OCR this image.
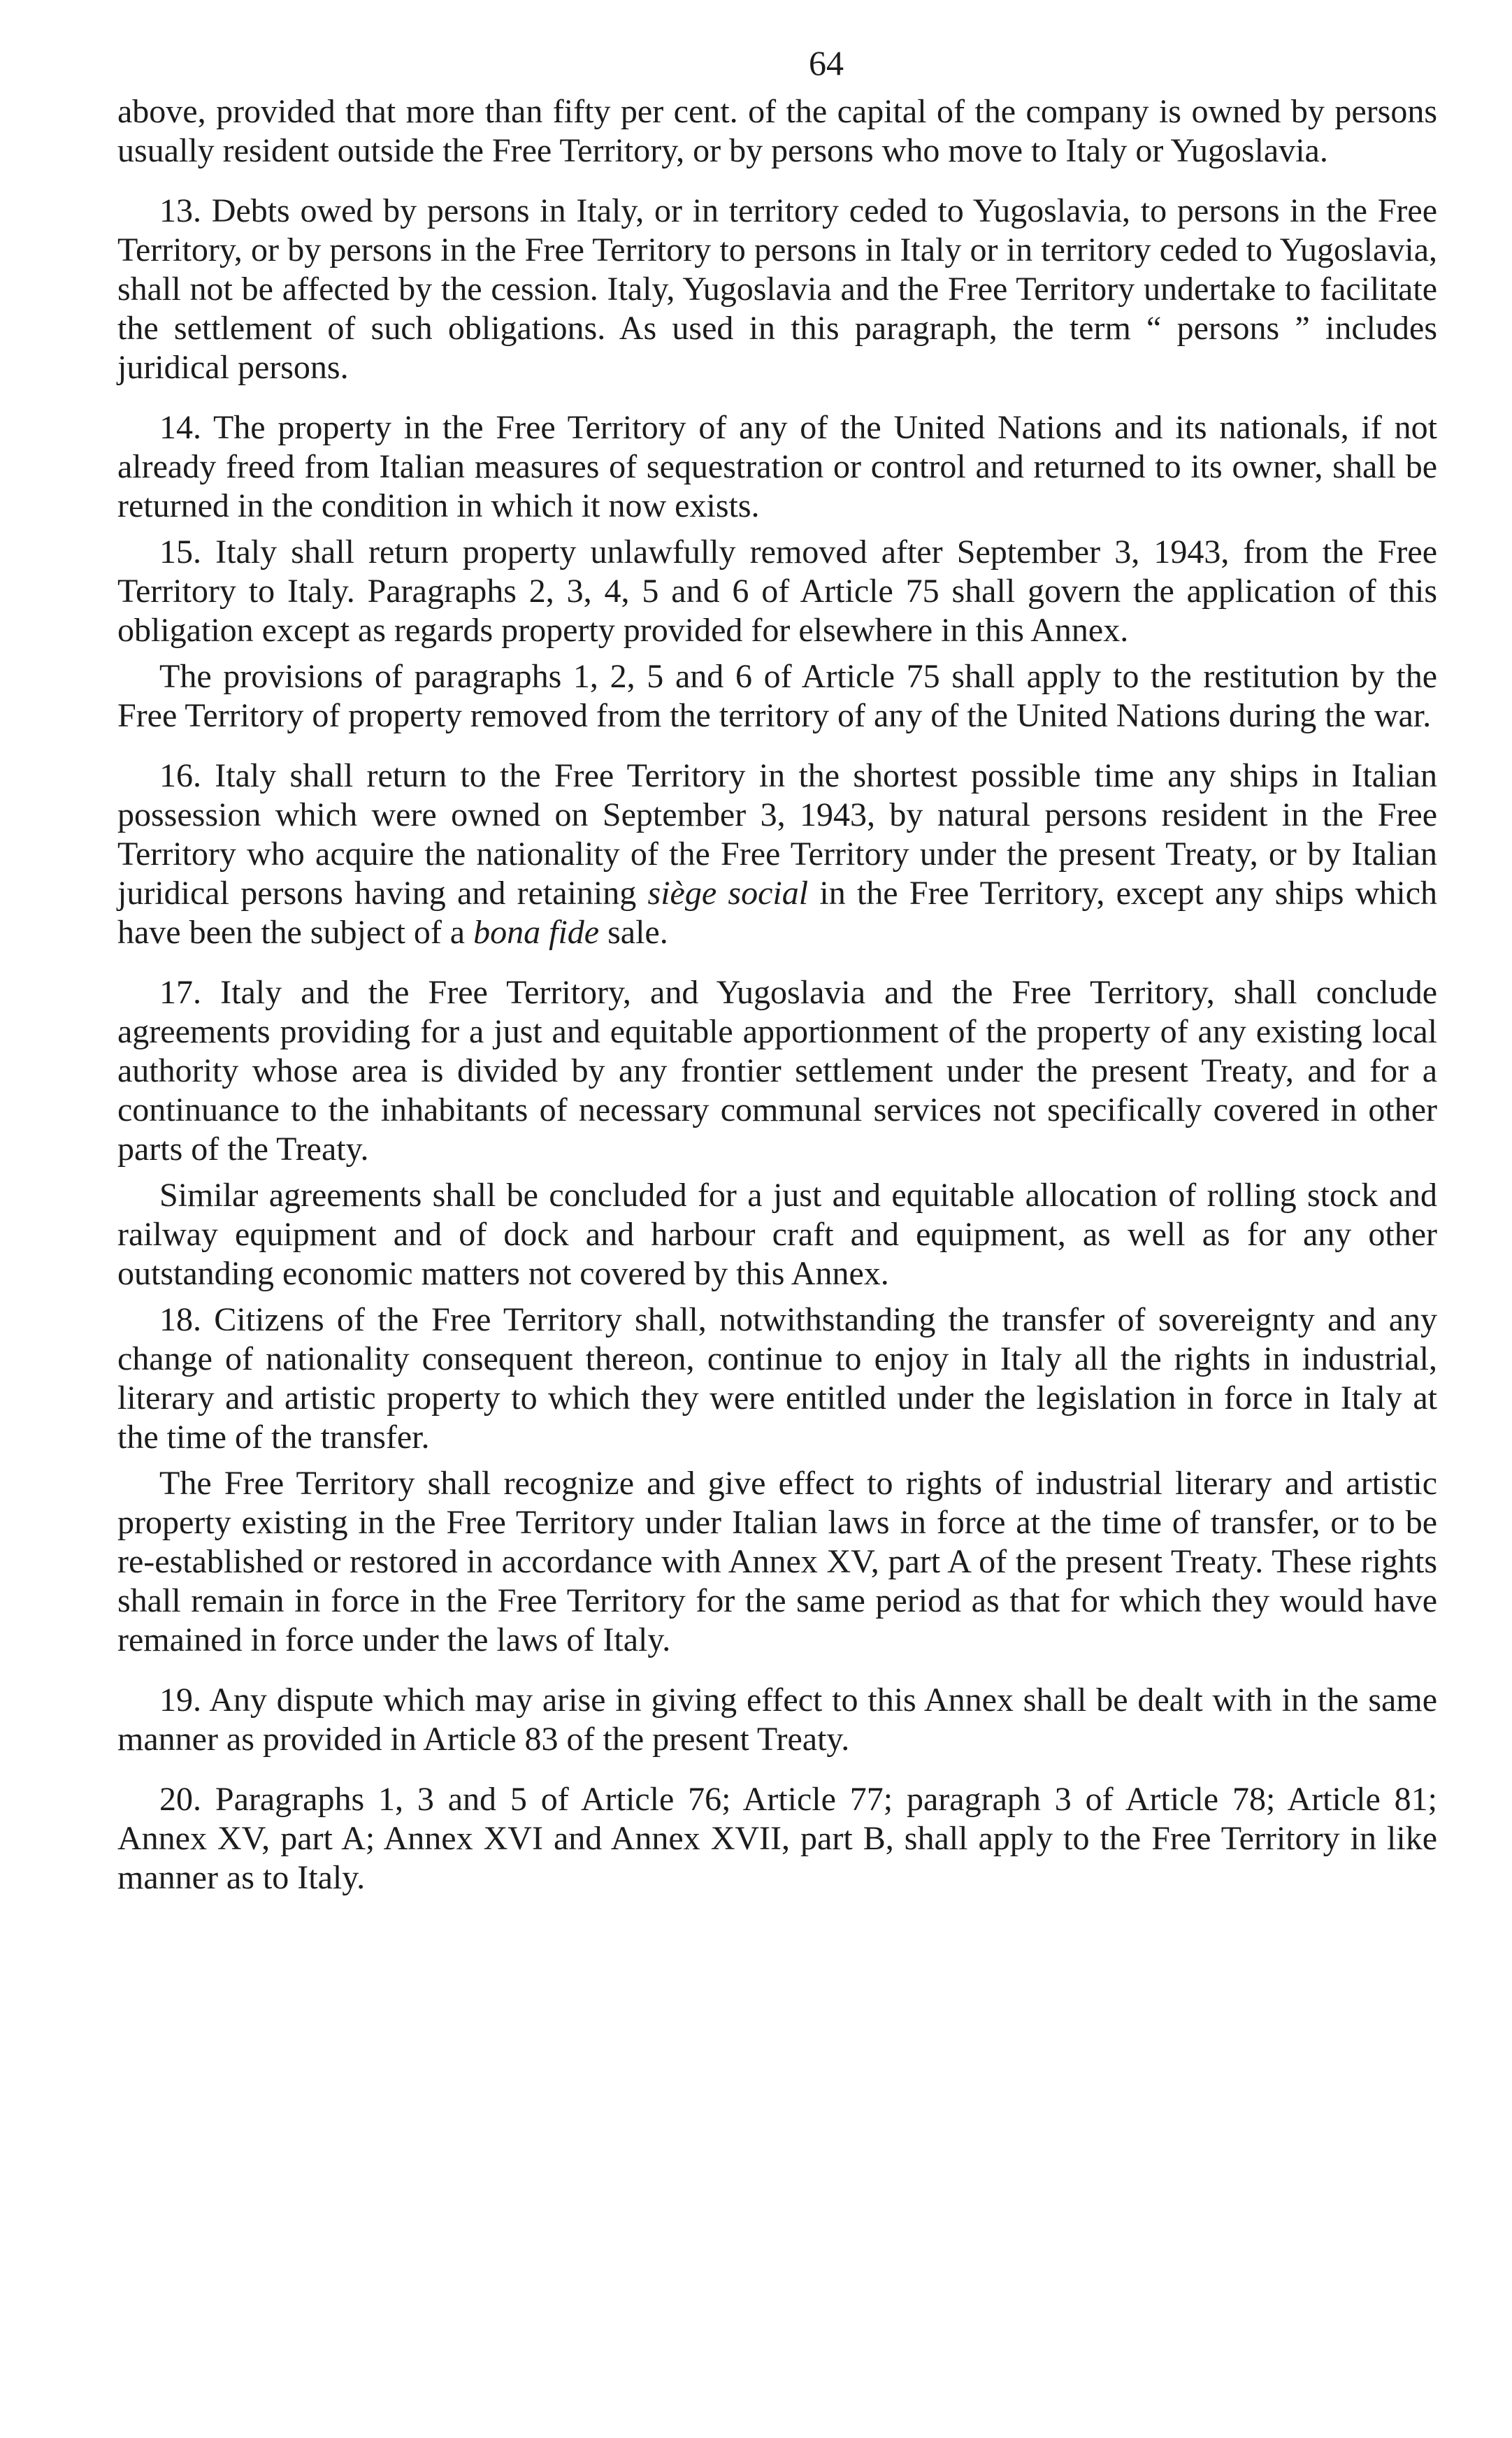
64

above, provided that more than fifty per cent. of the capital of the company is owned by persons usually resident outside the Free Territory, or by persons who move to Italy or Yugoslavia.

13. Debts owed by persons in Italy, or in territory ceded to Yugoslavia, to persons in the Free Territory, or by persons in the Free Territory to persons in Italy or in territory ceded to Yugoslavia, shall not be affected by the cession. Italy, Yugoslavia and the Free Territory undertake to facilitate the settlement of such obligations. As used in this paragraph, the term “ persons ” includes juridical persons.

14. The property in the Free Territory of any of the United Nations and its nationals, if not already freed from Italian measures of sequestration or control and returned to its owner, shall be returned in the condition in which it now exists.

15. Italy shall return property unlawfully removed after September 3, 1943, from the Free Territory to Italy. Paragraphs 2, 3, 4, 5 and 6 of Article 75 shall govern the application of this obligation except as regards property provided for elsewhere in this Annex.

The provisions of paragraphs 1, 2, 5 and 6 of Article 75 shall apply to the restitution by the Free Territory of property removed from the territory of any of the United Nations during the war.

16. Italy shall return to the Free Territory in the shortest possible time any ships in Italian possession which were owned on September 3, 1943, by natural persons resident in the Free Territory who acquire the nationality of the Free Territory under the present Treaty, or by Italian juridical persons having and retaining siège social in the Free Territory, except any ships which have been the subject of a bona fide sale.

17. Italy and the Free Territory, and Yugoslavia and the Free Territory, shall conclude agreements providing for a just and equitable apportionment of the property of any existing local authority whose area is divided by any frontier settlement under the present Treaty, and for a continuance to the inhabitants of necessary communal services not specifically covered in other parts of the Treaty.

Similar agreements shall be concluded for a just and equitable allocation of rolling stock and railway equipment and of dock and harbour craft and equipment, as well as for any other outstanding economic matters not covered by this Annex.

18. Citizens of the Free Territory shall, notwithstanding the transfer of sovereignty and any change of nationality consequent thereon, continue to enjoy in Italy all the rights in industrial, literary and artistic property to which they were entitled under the legislation in force in Italy at the time of the transfer.

The Free Territory shall recognize and give effect to rights of industrial literary and artistic property existing in the Free Territory under Italian laws in force at the time of transfer, or to be re-established or restored in accordance with Annex XV, part A of the present Treaty. These rights shall remain in force in the Free Territory for the same period as that for which they would have remained in force under the laws of Italy.

19. Any dispute which may arise in giving effect to this Annex shall be dealt with in the same manner as provided in Article 83 of the present Treaty.

20. Paragraphs 1, 3 and 5 of Article 76; Article 77; paragraph 3 of Article 78; Article 81; Annex XV, part A; Annex XVI and Annex XVII, part B, shall apply to the Free Territory in like manner as to Italy.
